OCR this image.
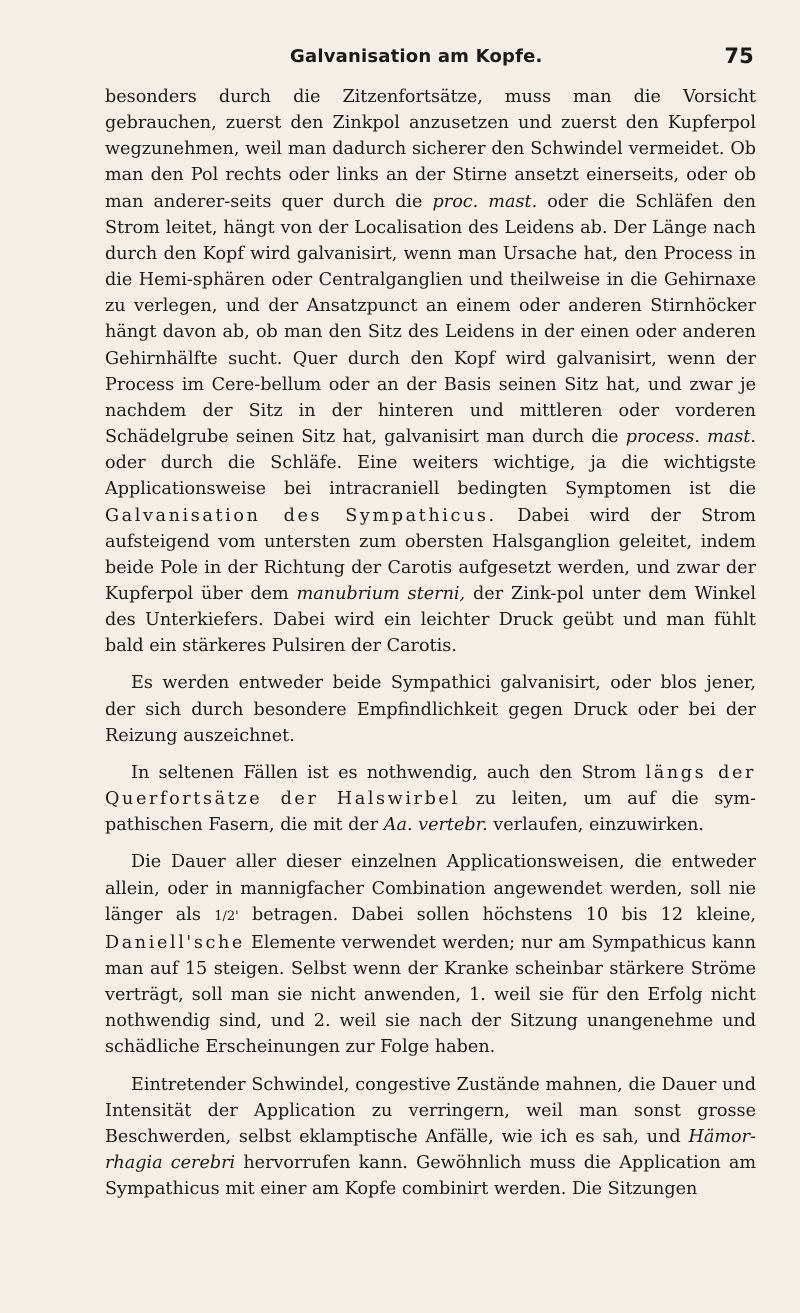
Galvanisation am Kopfe.	75

besonders durch die Zitzenfortsätze, muss man die Vorsicht gebrauchen, zuerst den Zinkpol anzusetzen und zuerst den Kupferpol wegzunehmen, weil man dadurch sicherer den Schwindel vermeidet. Ob man den Pol rechts oder links an der Stirne ansetzt einerseits, oder ob man anderer-seits quer durch die proc. mast. oder die Schläfen den Strom leitet, hängt von der Localisation des Leidens ab. Der Länge nach durch den Kopf wird galvanisirt, wenn man Ursache hat, den Process in die Hemi-sphären oder Centralganglien und theilweise in die Gehirnaxe zu verlegen, und der Ansatzpunct an einem oder anderen Stirnhöcker hängt davon ab, ob man den Sitz des Leidens in der einen oder anderen Gehirnhälfte sucht. Quer durch den Kopf wird galvanisirt, wenn der Process im Cere-bellum oder an der Basis seinen Sitz hat, und zwar je nachdem der Sitz in der hinteren und mittleren oder vorderen Schädelgrube seinen Sitz hat, galvanisirt man durch die process. mast. oder durch die Schläfe. Eine weiters wichtige, ja die wichtigste Applicationsweise bei intracraniell bedingten Symptomen ist die Galvanisation des Sympathicus. Dabei wird der Strom aufsteigend vom untersten zum obersten Halsganglion geleitet, indem beide Pole in der Richtung der Carotis aufgesetzt werden, und zwar der Kupferpol über dem manubrium sterni, der Zink-pol unter dem Winkel des Unterkiefers. Dabei wird ein leichter Druck geübt und man fühlt bald ein stärkeres Pulsiren der Carotis.

Es werden entweder beide Sympathici galvanisirt, oder blos jener, der sich durch besondere Empfindlichkeit gegen Druck oder bei der Reizung auszeichnet.

In seltenen Fällen ist es nothwendig, auch den Strom längs der Querfortsätze der Halswirbel zu leiten, um auf die sym-pathischen Fasern, die mit der Aa. vertebr. verlaufen, einzuwirken.

Die Dauer aller dieser einzelnen Applicationsweisen, die entweder allein, oder in mannigfacher Combination angewendet werden, soll nie länger als 1/2' betragen. Dabei sollen höchstens 10 bis 12 kleine, Daniell'sche Elemente verwendet werden; nur am Sympathicus kann man auf 15 steigen. Selbst wenn der Kranke scheinbar stärkere Ströme verträgt, soll man sie nicht anwenden, 1. weil sie für den Erfolg nicht nothwendig sind, und 2. weil sie nach der Sitzung unangenehme und schädliche Erscheinungen zur Folge haben.

Eintretender Schwindel, congestive Zustände mahnen, die Dauer und Intensität der Application zu verringern, weil man sonst grosse Beschwerden, selbst eklamptische Anfälle, wie ich es sah, und Hämor-rhagia cerebri hervorrufen kann. Gewöhnlich muss die Application am Sympathicus mit einer am Kopfe combinirt werden. Die Sitzungen
